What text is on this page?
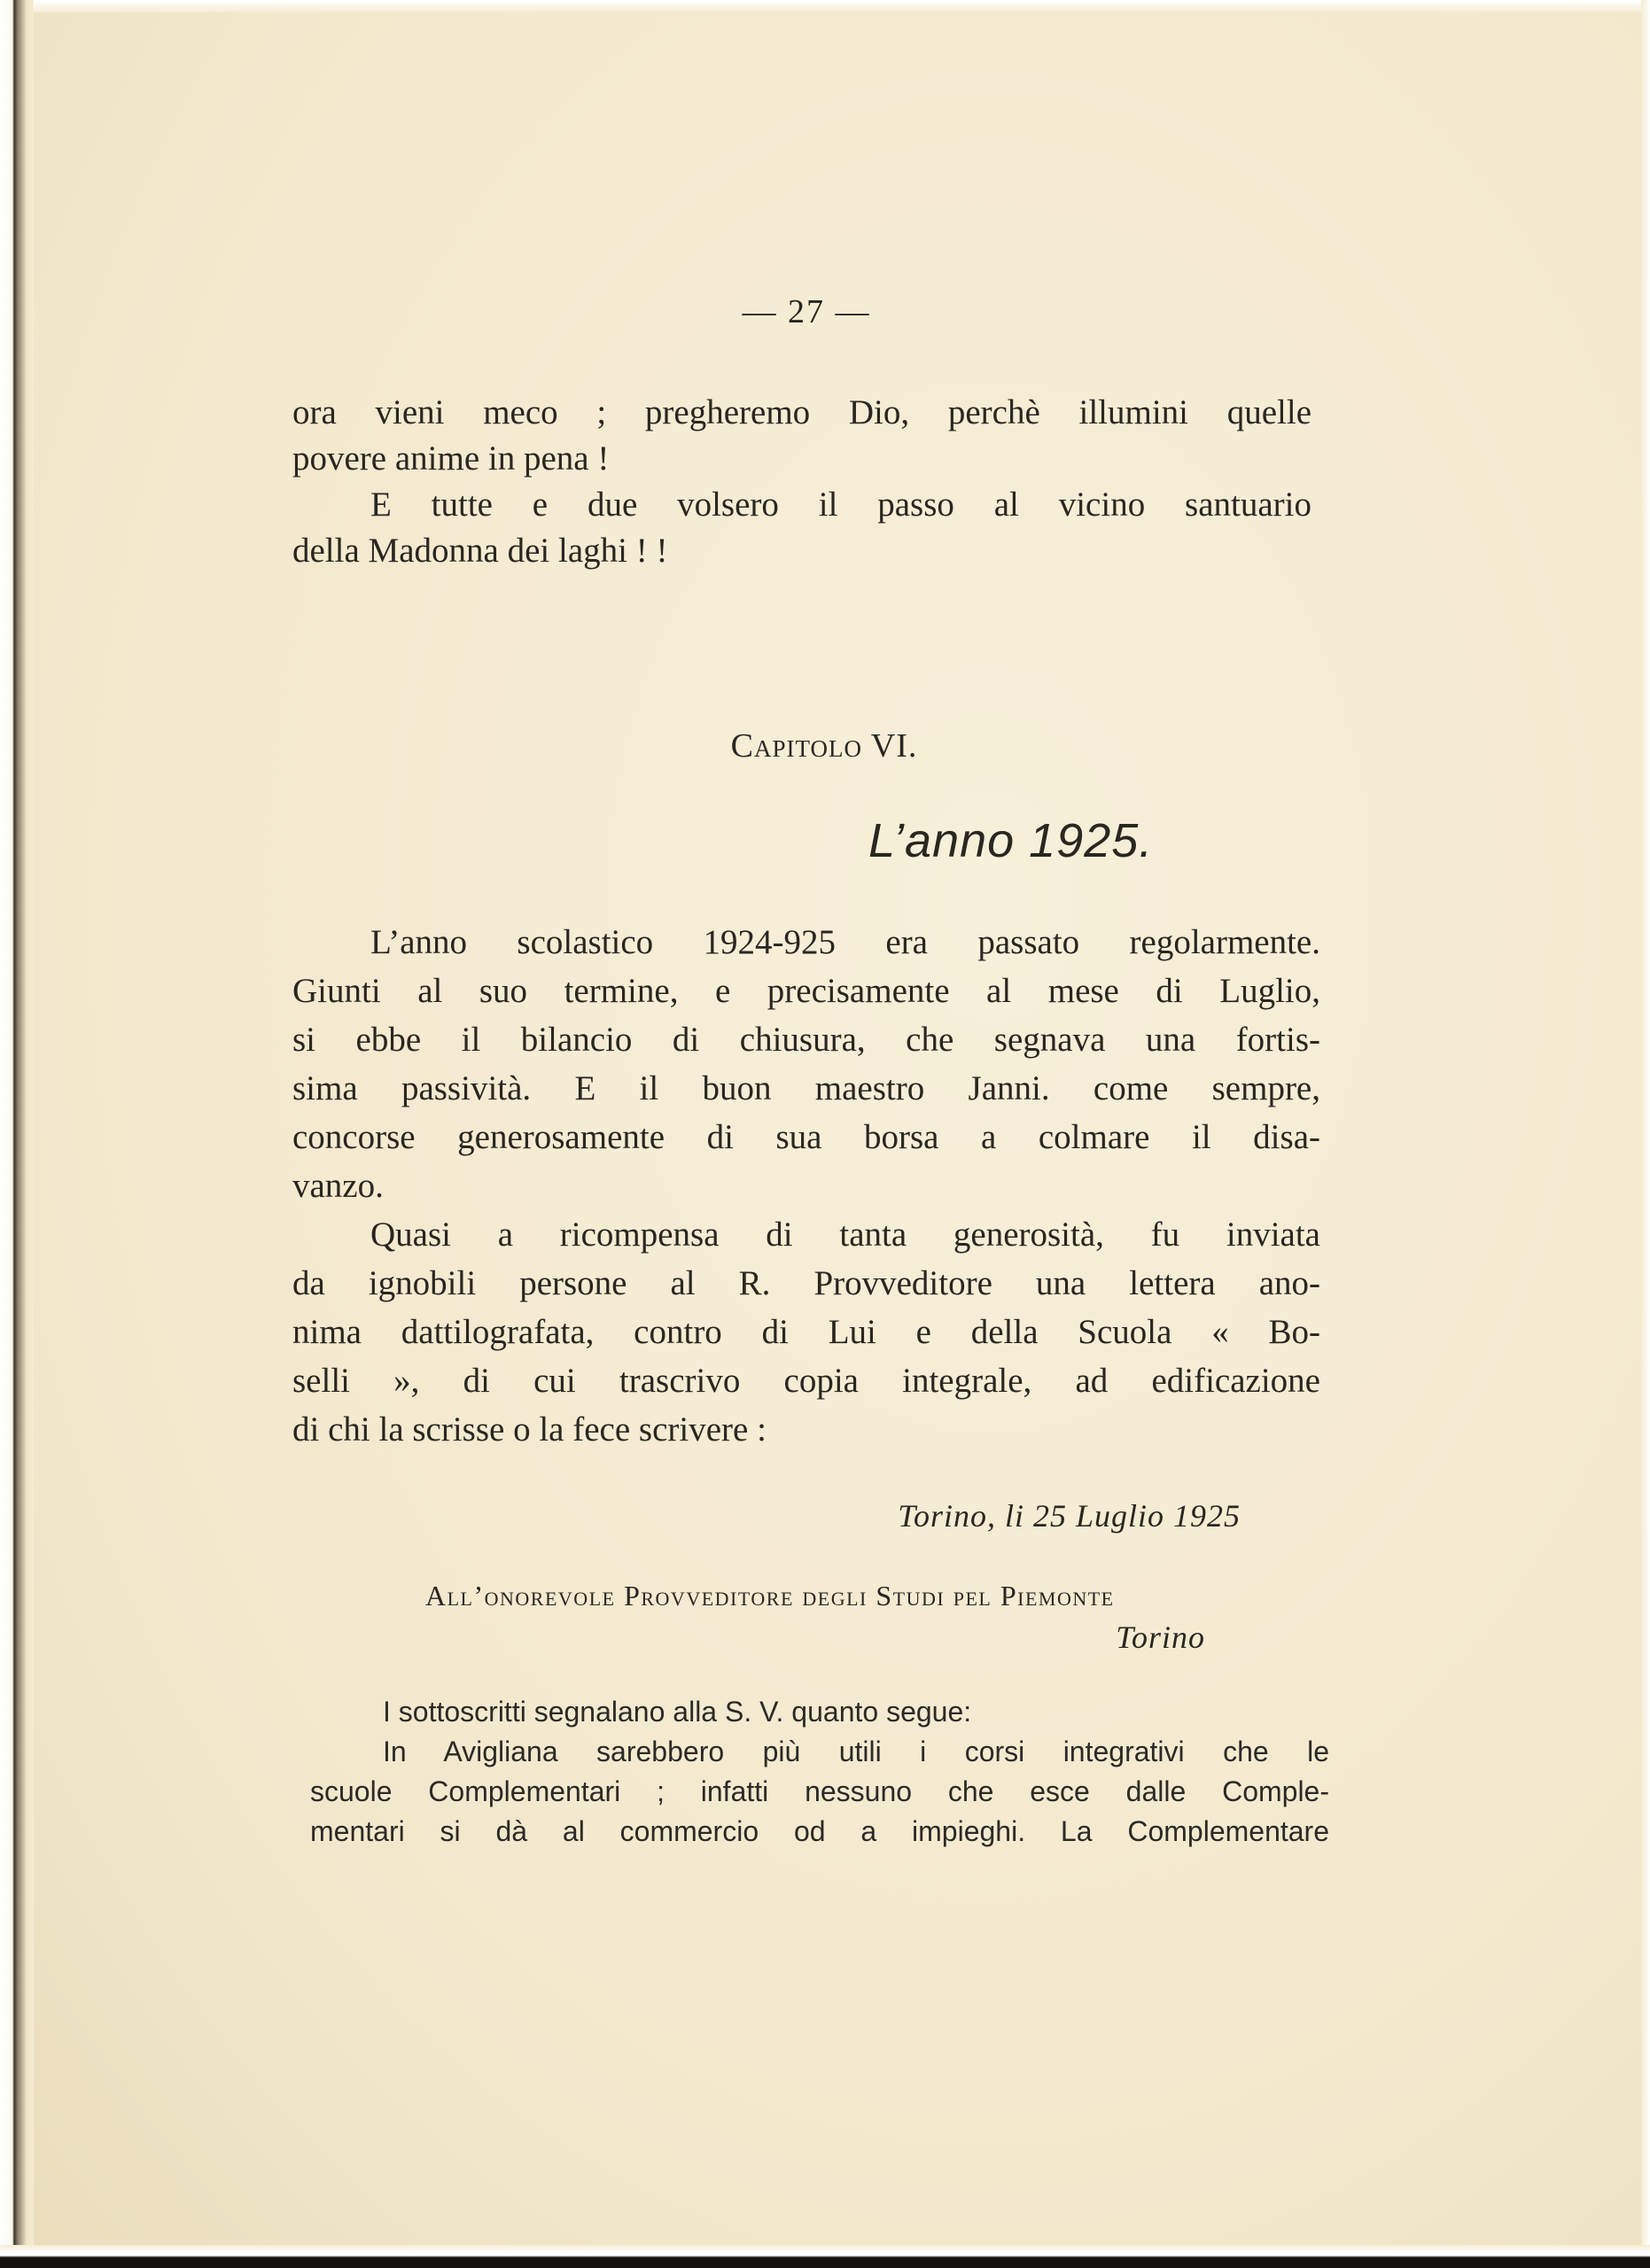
— 27 —

ora vieni meco ; pregheremo Dio, perchè illumini quelle
povere anime in pena !
E tutte e due volsero il passo al vicino santuario
della Madonna dei laghi ! !

Capitolo VI.
L’anno 1925.

L’anno scolastico 1924-925 era passato regolarmente.
Giunti al suo termine, e precisamente al mese di Luglio,
si ebbe il bilancio di chiusura, che segnava una fortis-
sima passività. E il buon maestro Janni. come sempre,
concorse generosamente di sua borsa a colmare il disa-
vanzo.

Quasi a ricompensa di tanta generosità, fu inviata
da ignobili persone al R. Provveditore una lettera ano-
nima dattilografata, contro di Lui e della Scuola « Bo-
selli », di cui trascrivo copia integrale, ad edificazione
di chi la scrisse o la fece scrivere :

Torino, li 25 Luglio 1925
All’onorevole Provveditore degli Studi pel Piemonte
Torino

I sottoscritti segnalano alla S. V. quanto segue:
In Avigliana sarebbero più utili i corsi integrativi che le
scuole Complementari ; infatti nessuno che esce dalle Comple-
mentari si dà al commercio od a impieghi. La Complementare
